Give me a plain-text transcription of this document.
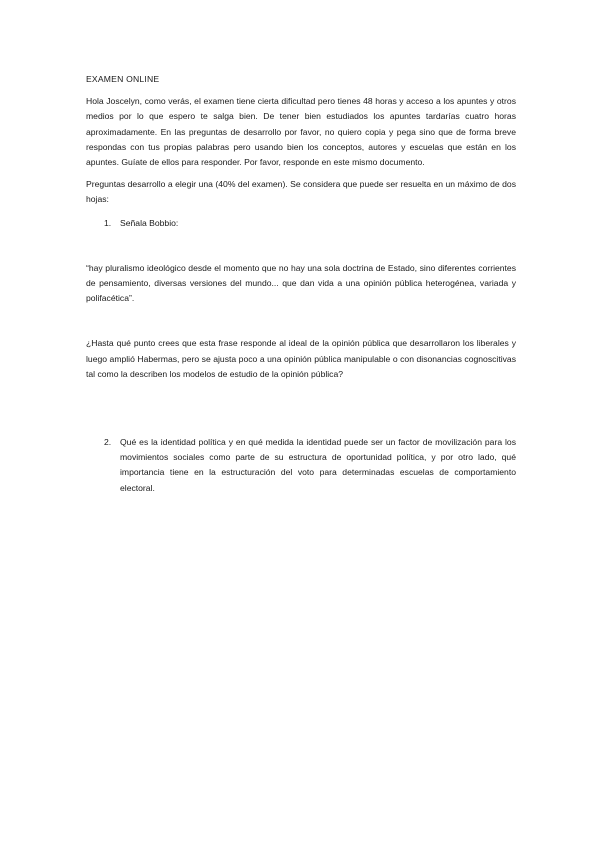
EXAMEN ONLINE

Hola Joscelyn, como verás, el examen tiene cierta dificultad pero tienes 48 horas y acceso a los apuntes y otros medios por lo que espero te salga bien. De tener bien estudiados los apuntes tardarías cuatro horas aproximadamente. En las preguntas de desarrollo por favor, no quiero copia y pega sino que de forma breve respondas con tus propias palabras pero usando bien los conceptos, autores y escuelas que están en los apuntes. Guíate de ellos para responder. Por favor, responde en este mismo documento.

Preguntas desarrollo a elegir una (40% del examen). Se considera que puede ser resuelta en un máximo de dos hojas:

1.	Señala Bobbio:

“hay pluralismo ideológico desde el momento que no hay una sola doctrina de Estado, sino diferentes corrientes de pensamiento, diversas versiones del mundo... que dan vida a una opinión pública heterogénea, variada y polifacética”.

¿Hasta qué punto crees que esta frase responde al ideal de la opinión pública que desarrollaron los liberales y luego amplió Habermas, pero se ajusta poco a una opinión pública manipulable o con disonancias cognoscitivas tal como la describen los modelos de estudio de la opinión pública?

2.	Qué es la identidad política y en qué medida la identidad puede ser un factor de movilización para los movimientos sociales como parte de su estructura de oportunidad política, y por otro lado, qué importancia tiene en la estructuración del voto para determinadas escuelas de comportamiento electoral.
